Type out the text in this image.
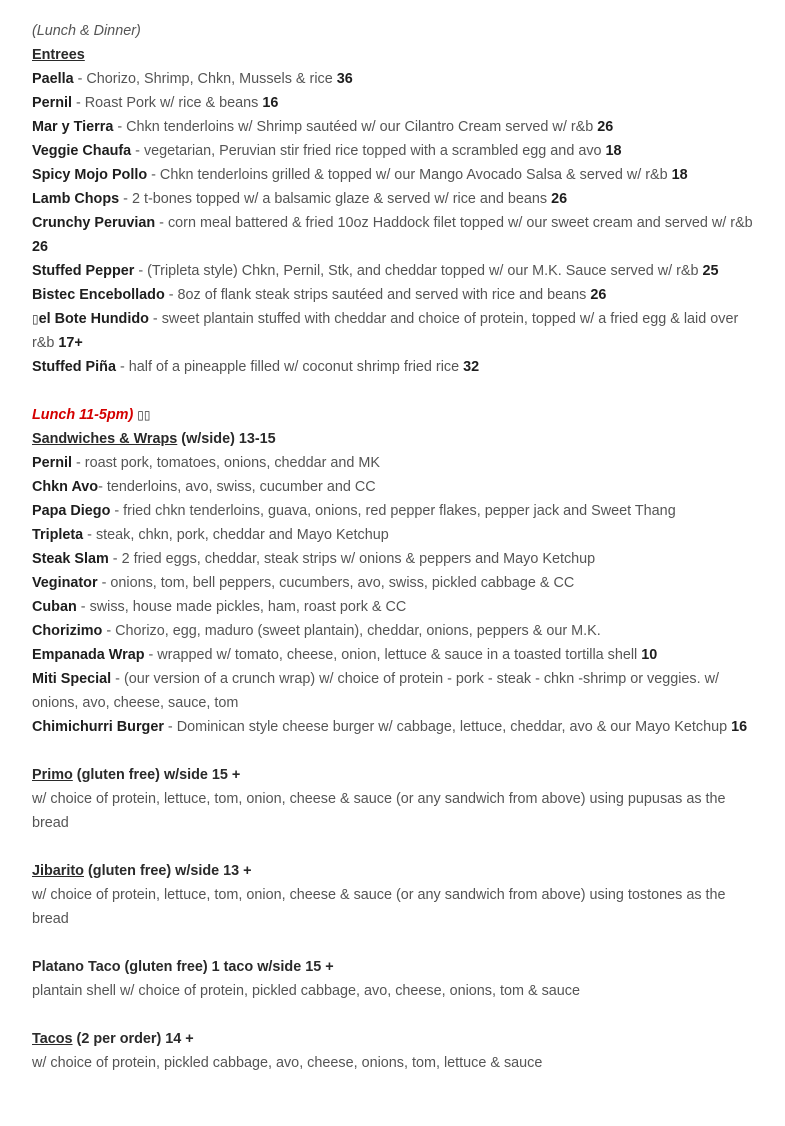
(Lunch & Dinner)

Entrees

Paella - Chorizo, Shrimp, Chkn, Mussels & rice 36

Pernil - Roast Pork w/ rice & beans 16

Mar y Tierra - Chkn tenderloins w/ Shrimp sautéed w/ our Cilantro Cream served w/ r&b 26

Veggie Chaufa - vegetarian, Peruvian stir fried rice topped with a scrambled egg and avo 18

Spicy Mojo Pollo - Chkn tenderloins grilled & topped w/ our Mango Avocado Salsa & served w/ r&b 18

Lamb Chops - 2 t-bones topped w/ a balsamic glaze & served w/ rice and beans 26

Crunchy Peruvian - corn meal battered & fried 10oz Haddock filet topped w/ our sweet cream and served w/ r&b 26

Stuffed Pepper - (Tripleta style) Chkn, Pernil, Stk, and cheddar topped w/ our M.K. Sauce served w/ r&b 25

Bistec Encebollado - 8oz of flank steak strips sautéed and served with rice and beans 26

▯el Bote Hundido - sweet plantain stuffed with cheddar and choice of protein, topped w/ a fried egg & laid over r&b 17+

Stuffed Piña - half of a pineapple filled w/ coconut shrimp fried rice 32

Lunch 11-5pm) ▯▯

Sandwiches & Wraps (w/side) 13-15

Pernil - roast pork, tomatoes, onions, cheddar and MK

Chkn Avo- tenderloins, avo, swiss, cucumber and CC

Papa Diego - fried chkn tenderloins, guava, onions, red pepper flakes, pepper jack and Sweet Thang

Tripleta - steak, chkn, pork, cheddar and Mayo Ketchup

Steak Slam - 2 fried eggs, cheddar, steak strips w/ onions & peppers and Mayo Ketchup

Veginator - onions, tom, bell peppers, cucumbers, avo, swiss, pickled cabbage & CC

Cuban - swiss, house made pickles, ham, roast pork & CC

Chorizimo - Chorizo, egg, maduro (sweet plantain), cheddar, onions, peppers & our M.K.

Empanada Wrap - wrapped w/ tomato, cheese, onion, lettuce & sauce in a toasted tortilla shell 10

Miti Special - (our version of a crunch wrap) w/ choice of protein - pork - steak - chkn -shrimp or veggies. w/ onions, avo, cheese, sauce, tom

Chimichurri Burger - Dominican style cheese burger w/ cabbage, lettuce, cheddar, avo & our Mayo Ketchup 16

Primo (gluten free) w/side 15 +

w/ choice of protein, lettuce, tom, onion, cheese & sauce (or any sandwich from above) using pupusas as the bread

Jibarito (gluten free) w/side 13 +

w/ choice of protein, lettuce, tom, onion, cheese & sauce (or any sandwich from above) using tostones as the bread

Platano Taco (gluten free) 1 taco w/side 15 +

plantain shell w/ choice of protein, pickled cabbage, avo, cheese, onions, tom & sauce

Tacos (2 per order) 14 +

w/ choice of protein, pickled cabbage, avo, cheese, onions, tom, lettuce & sauce
